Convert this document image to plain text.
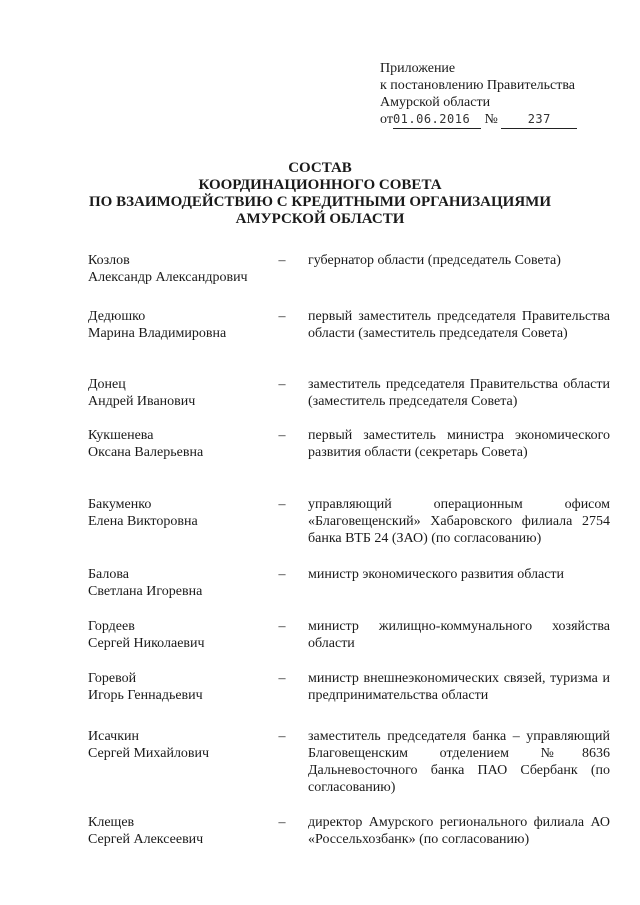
Приложение
к постановлению Правительства
Амурской области
от01.06.2016 № 237
СОСТАВ
КООРДИНАЦИОННОГО СОВЕТА
ПО ВЗАИМОДЕЙСТВИЮ С КРЕДИТНЫМИ ОРГАНИЗАЦИЯМИ
АМУРСКОЙ ОБЛАСТИ
Козлов
Александр Александрович
– губернатор области (председатель Совета)
Дедюшко
Марина Владимировна
– первый заместитель председателя Правительства области (заместитель председателя Совета)
Донец
Андрей Иванович
– заместитель председателя Правительства области (заместитель председателя Совета)
Кукшенева
Оксана Валерьевна
– первый заместитель министра экономического развития области (секретарь Совета)
Бакуменко
Елена Викторовна
– управляющий операционным офисом «Благовещенский» Хабаровского филиала 2754 банка ВТБ 24 (ЗАО) (по согласованию)
Балова
Светлана Игоревна
– министр экономического развития области
Гордеев
Сергей Николаевич
– министр жилищно-коммунального хозяйства области
Горевой
Игорь Геннадьевич
– министр внешнеэкономических связей, туризма и предпринимательства области
Исачкин
Сергей Михайлович
– заместитель председателя банка – управляющий Благовещенским отделением №8636 Дальневосточного банка ПАО Сбербанк (по согласованию)
Клещев
Сергей Алексеевич
– директор Амурского регионального филиала АО «Россельхозбанк» (по согласованию)
